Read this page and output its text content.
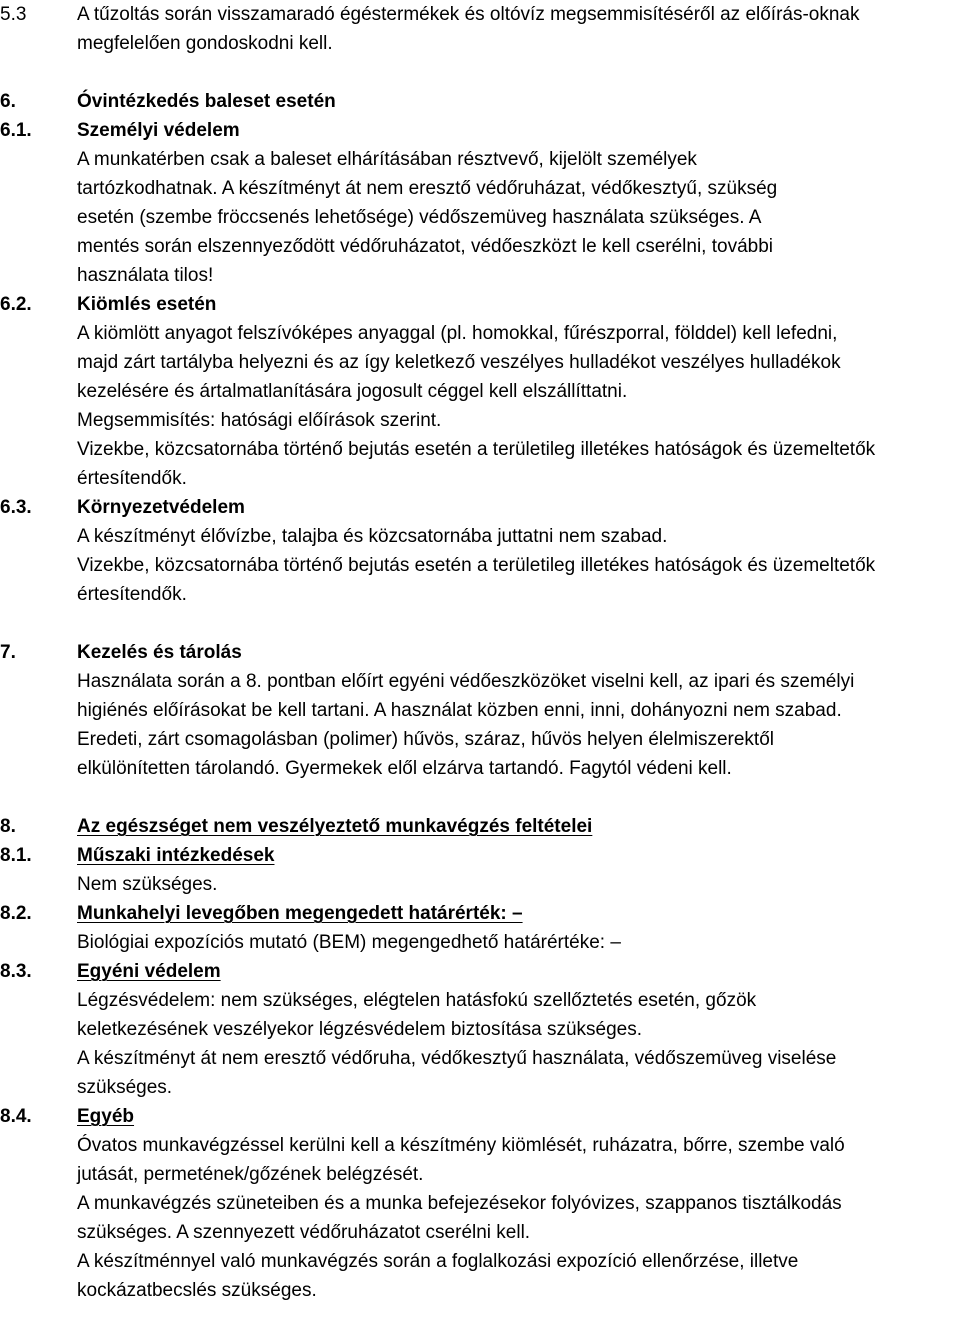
5.3	A tűzoltás során visszamaradó égéstermékek és oltóvíz megsemmisítéséről az előírás-oknak
megfelelően gondoskodni kell.
6.	Óvintézkedés baleset esetén
6.1.	Személyi védelem
A munkatérben csak a baleset elhárításában résztvevő, kijelölt személyek
tartózkodhatnak. A készítményt át nem eresztő védőruházat, védőkesztyű, szükség
esetén (szembe fröccsenés lehetősége) védőszemüveg használata szükséges. A
mentés során elszennyeződött védőruházatot, védőeszközt le kell cserélni, további
használata tilos!
6.2.	Kiömlés esetén
A kiömlött anyagot felszívóképes anyaggal (pl. homokkal, fűrészporral, földdel) kell lefedni,
majd zárt tartályba helyezni és az így keletkező veszélyes hulladékot veszélyes hulladékok
kezelésére és ártalmatlanítására jogosult céggel kell elszállíttatni.
Megsemmisítés: hatósági előírások szerint.
Vizekbe, közcsatornába történő bejutás esetén a területileg illetékes hatóságok és üzemeltetők
értesítendők.
6.3.	Környezetvédelem
A készítményt élővízbe, talajba és közcsatornába juttatni nem szabad.
Vizekbe, közcsatornába történő bejutás esetén a területileg illetékes hatóságok és üzemeltetők
értesítendők.
7.	Kezelés és tárolás
Használata során a 8. pontban előírt egyéni védőeszközöket viselni kell, az ipari és személyi
higiénés előírásokat be kell tartani. A használat közben enni, inni, dohányozni nem szabad.
Eredeti, zárt csomagolásban (polimer) hűvös, száraz, hűvös helyen élelmiszerektől
elkülönítetten tárolandó. Gyermekek elől elzárva tartandó. Fagytól védeni kell.
8.	Az egészséget nem veszélyeztető munkavégzés feltételei
8.1.	Műszaki intézkedések
Nem szükséges.
8.2.	Munkahelyi levegőben megengedett határérték: –
Biológiai expozíciós mutató (BEM) megengedhető határértéke: –
8.3.	Egyéni védelem
Légzésvédelem: nem szükséges, elégtelen hatásfokú szellőztetés esetén, gőzök
keletkezésének veszélyekor légzésvédelem biztosítása szükséges.
A készítményt át nem eresztő védőruha, védőkesztyű használata, védőszemüveg viselése
szükséges.
8.4.	Egyéb
Óvatos munkavégzéssel kerülni kell a készítmény kiömlését, ruházatra, bőrre, szembe való
jutását, permetének/gőzének belégzését.
A munkavégzés szüneteiben és a munka befejezésekor folyóvizes, szappanos tisztálkodás
szükséges. A szennyezett védőruházatot cserélni kell.
A készítménnyel való munkavégzés során a foglalkozási expozíció ellenőrzése, illetve
kockázatbecslés szükséges.
